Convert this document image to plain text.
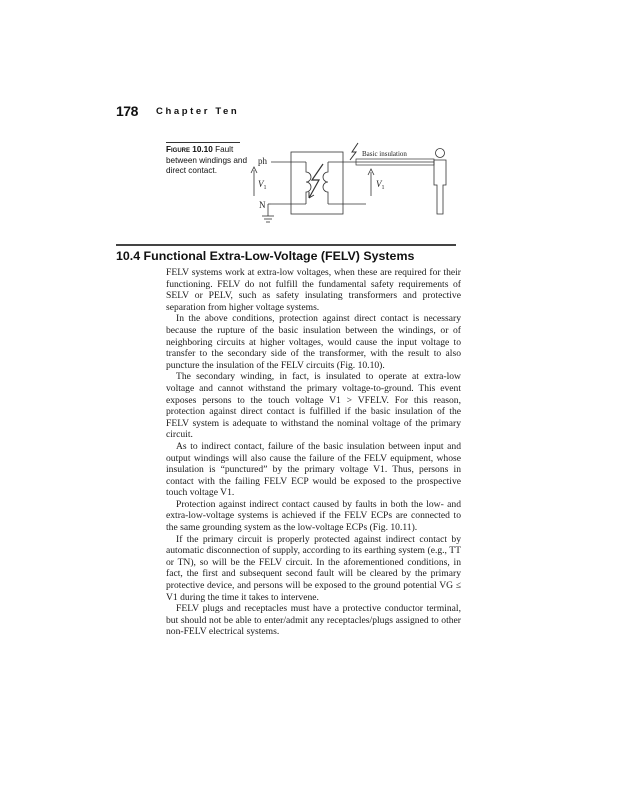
178 Chapter Ten
Figure 10.10 Fault between windings and direct contact.
ph
N
$V_1$	$V_1$
Basic insulation
10.4 Functional Extra-Low-Voltage (FELV) Systems

FELV systems work at extra-low voltages, when these are required for their functioning. FELV do not fulfill the fundamental safety requirements of SELV or PELV, such as safety insulating transformers and protective separation from higher voltage systems.

In the above conditions, protection against direct contact is necessary because the rupture of the basic insulation between the windings, or of neighboring circuits at higher voltages, would cause the input voltage to transfer to the secondary side of the transformer, with the result to also puncture the insulation of the FELV circuits (Fig. 10.10).

The secondary winding, in fact, is insulated to operate at extra-low voltage and cannot withstand the primary voltage-to-ground. This event exposes persons to the touch voltage V1 > VFELV. For this reason, protection against direct contact is fulfilled if the basic insulation of the FELV system is adequate to withstand the nominal voltage of the primary circuit.

As to indirect contact, failure of the basic insulation between input and output windings will also cause the failure of the FELV equipment, whose insulation is “punctured” by the primary voltage V1. Thus, persons in contact with the failing FELV ECP would be exposed to the prospective touch voltage V1.

Protection against indirect contact caused by faults in both the low- and extra-low-voltage systems is achieved if the FELV ECPs are connected to the same grounding system as the low-voltage ECPs (Fig. 10.11).

If the primary circuit is properly protected against indirect contact by automatic disconnection of supply, according to its earthing system (e.g., TT or TN), so will be the FELV circuit. In the aforementioned conditions, in fact, the first and subsequent second fault will be cleared by the primary protective device, and persons will be exposed to the ground potential VG ≤ V1 during the time it takes to intervene.

FELV plugs and receptacles must have a protective conductor terminal, but should not be able to enter/admit any receptacles/plugs assigned to other non-FELV electrical systems.
